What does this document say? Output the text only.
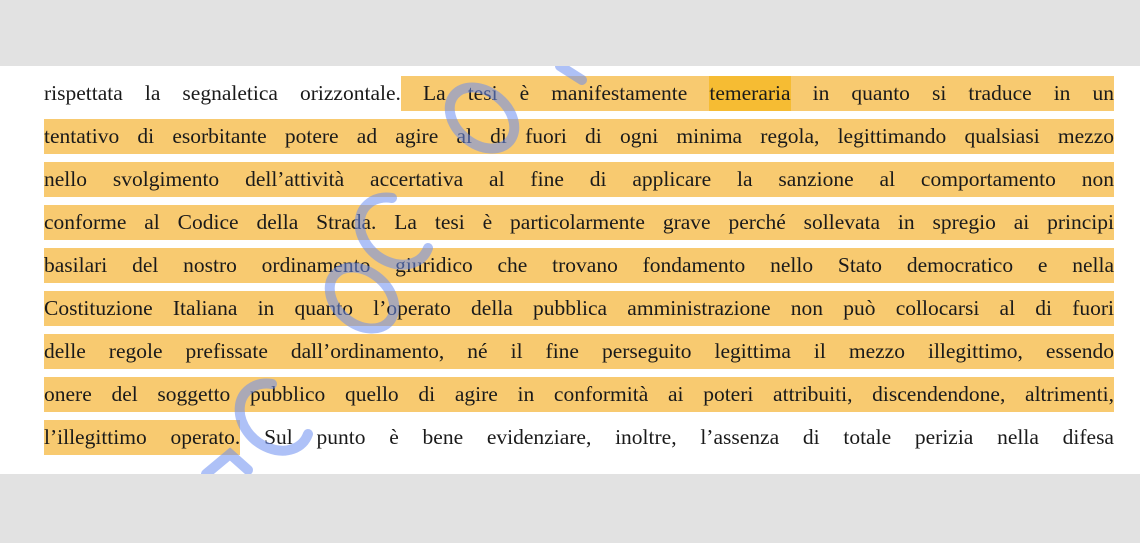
rispettata la segnaletica orizzontale. La tesi è manifestamente temeraria in quanto si traduce in un
tentativo di esorbitante potere ad agire al di fuori di ogni minima regola, legittimando qualsiasi mezzo
nello svolgimento dell’attività accertativa al fine di applicare la sanzione al comportamento non
conforme al Codice della Strada. La tesi è particolarmente grave perché sollevata in spregio ai principi
basilari del nostro ordinamento giuridico che trovano fondamento nello Stato democratico e nella
Costituzione Italiana in quanto l’operato della pubblica amministrazione non può collocarsi al di fuori
delle regole prefissate dall’ordinamento, né il fine perseguito legittima il mezzo illegittimo, essendo
onere del soggetto pubblico quello di agire in conformità ai poteri attribuiti, discendendone, altrimenti,
l’illegittimo operato. Sul punto è bene evidenziare, inoltre, l’assenza di totale perizia nella difesa
